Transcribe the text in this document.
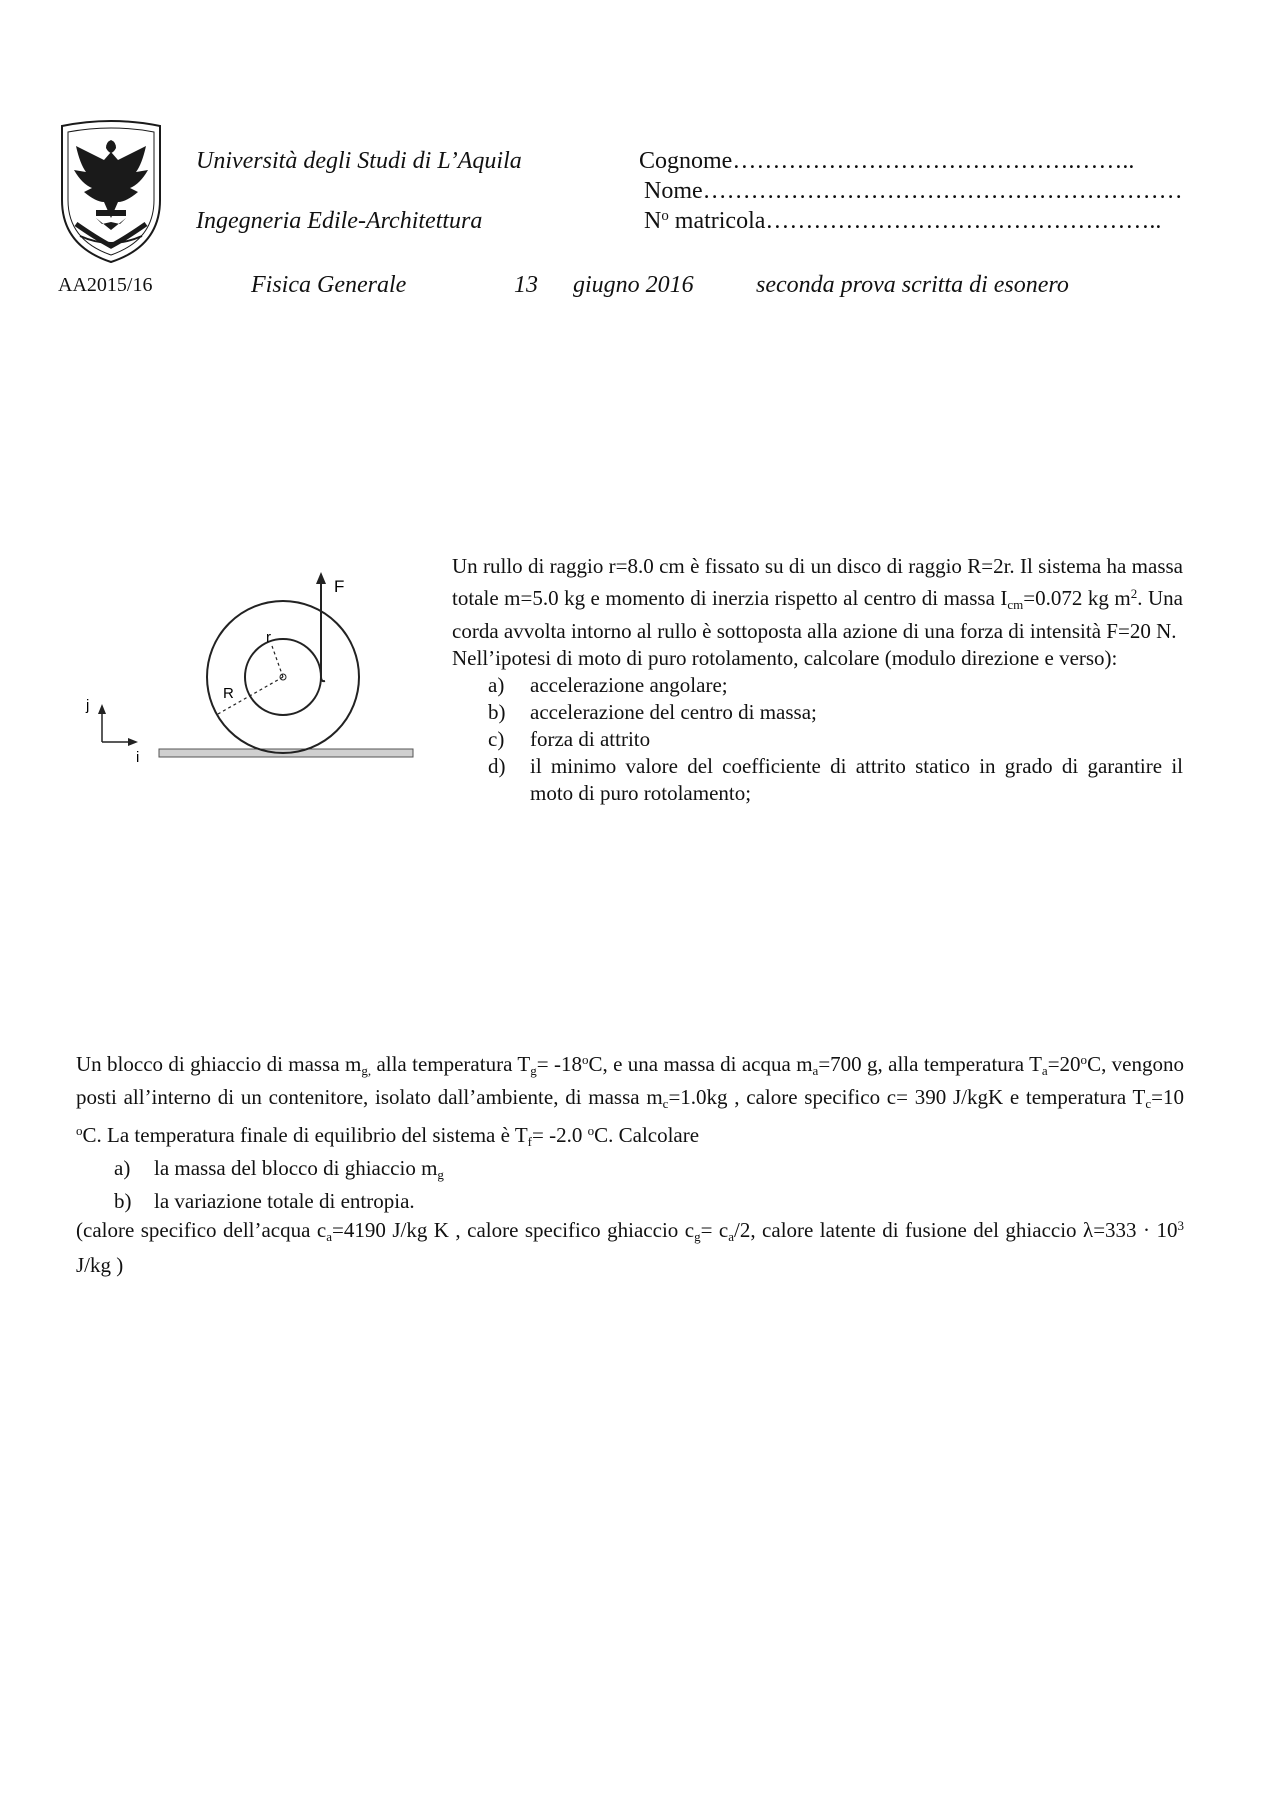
Università degli Studi di L’Aquila
Ingegneria Edile-Architettura
Cognome…………………………………….……..
Nome……………………………………………………
$N^o$ matricola…………………………………………..
AA2015/16	Fisica Generale	13 giugno 2016	seconda prova scritta di esonero
F
r
R
j
i

Un rullo di raggio r=8.0 cm è fissato su di un disco di raggio R=2r. Il sistema ha massa totale m=5.0 kg e momento di inerzia rispetto al centro di massa $I_{cm}=0.072$ kg $m^2$. Una corda avvolta intorno al rullo è sottoposta alla azione di una forza di intensità F=20 N.

Nell’ipotesi di moto di puro rotolamento, calcolare (modulo direzione e verso):

a)	accelerazione angolare;
b)	accelerazione del centro di massa;
c)	forza di attrito
d)	il minimo valore del coefficiente di attrito statico in grado di garantire il moto di puro rotolamento;

Un blocco di ghiaccio di massa $m_{g,}$ alla temperatura $T_g= -18^oC$, e una massa di acqua $m_a=700$ g, alla temperatura $T_a=20^oC$, vengono posti all’interno di un contenitore, isolato dall’ambiente, di massa $m_c=1.0kg$ , calore specifico c= 390 J/kgK e temperatura $T_c=10$ $^o$C. La temperatura finale di equilibrio del sistema è $T_f= -2.0$ $^o$C. Calcolare

a)	la massa del blocco di ghiaccio $m_g$
b)	la variazione totale di entropia.

(calore specifico dell’acqua $c_a=4190$ J/kg K , calore specifico ghiaccio $c_g= c_a/2$, calore latente di fusione del ghiaccio $\lambda=333 \cdot 10^3$ J/kg )
